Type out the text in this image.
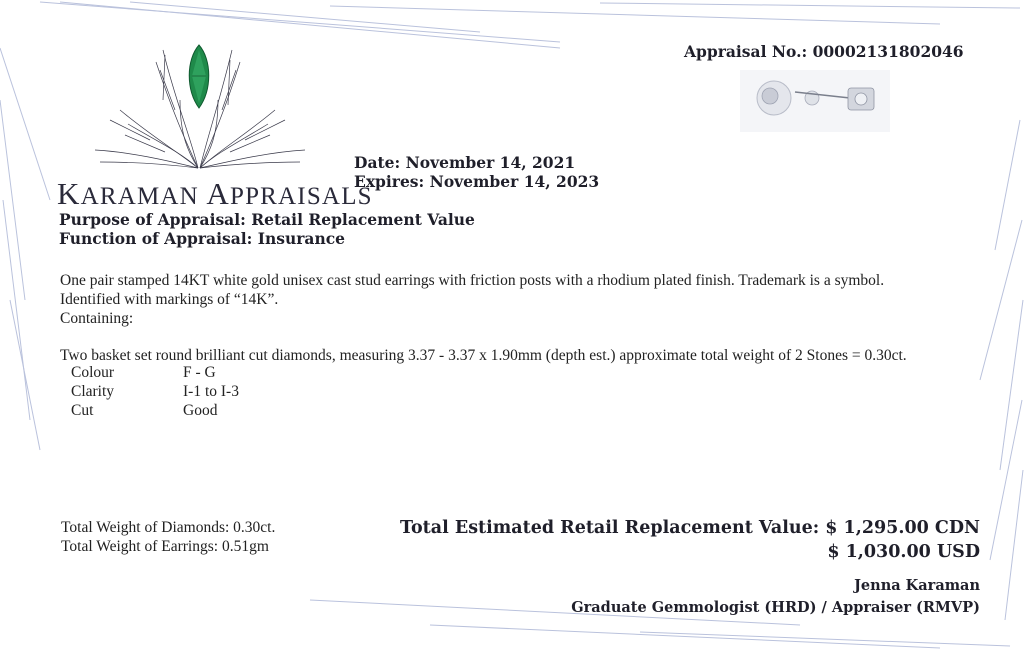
KARAMAN APPRAISALS
Appraisal No.: 00002131802046
Date: November 14, 2021
Expires: November 14, 2023
Purpose of Appraisal: Retail Replacement Value
Function of Appraisal: Insurance
One pair stamped 14KT white gold unisex cast stud earrings with friction posts with a rhodium plated finish. Trademark is a symbol.
Identified with markings of “14K”.
Containing:
Two basket set round brilliant cut diamonds, measuring 3.37 - 3.37 x 1.90mm (depth est.) approximate total weight of 2 Stones = 0.30ct.
Colour	F - G
Clarity	I-1 to I-3
Cut	Good
Total Weight of Diamonds: 0.30ct.
Total Weight of Earrings: 0.51gm
Total Estimated Retail Replacement Value: $ 1,295.00 CDN
$ 1,030.00 USD
Jenna Karaman
Graduate Gemmologist (HRD) / Appraiser (RMVP)
